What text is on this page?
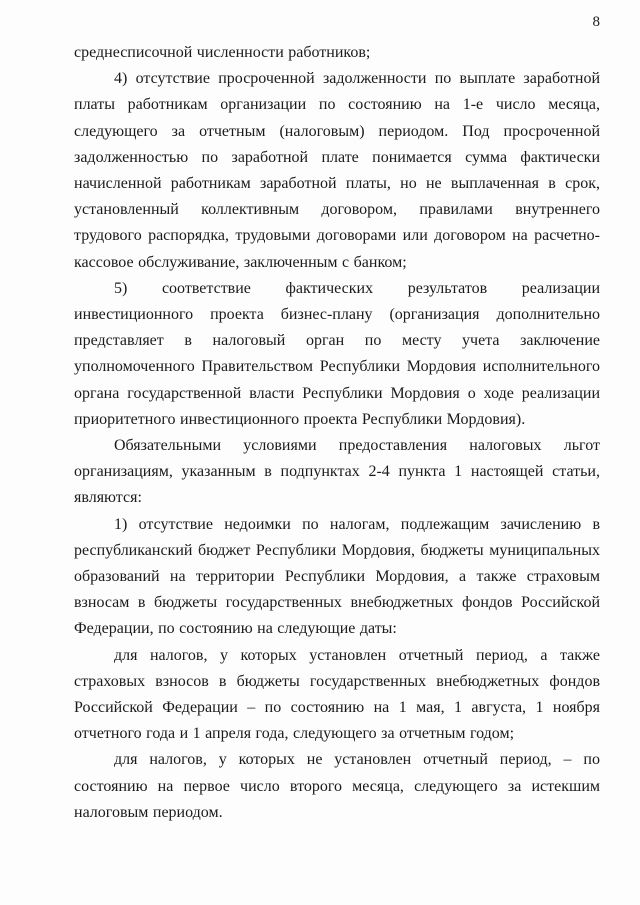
8

среднесписочной численности работников;

4) отсутствие просроченной задолженности по выплате заработной платы работникам организации по состоянию на 1-е число месяца, следующего за отчетным (налоговым) периодом. Под просроченной задолженностью по заработной плате понимается сумма фактически начисленной работникам заработной платы, но не выплаченная в срок, установленный коллективным договором, правилами внутреннего трудового распорядка, трудовыми договорами или договором на расчетно-кассовое обслуживание, заключенным с банком;

5) соответствие фактических результатов реализации инвестиционного проекта бизнес-плану (организация дополнительно представляет в налоговый орган по месту учета заключение уполномоченного Правительством Республики Мордовия исполнительного органа государственной власти Республики Мордовия о ходе реализации приоритетного инвестиционного проекта Республики Мордовия).

Обязательными условиями предоставления налоговых льгот организациям, указанным в подпунктах 2-4 пункта 1 настоящей статьи, являются:

1) отсутствие недоимки по налогам, подлежащим зачислению в республиканский бюджет Республики Мордовия, бюджеты муниципальных образований на территории Республики Мордовия, а также страховым взносам в бюджеты государственных внебюджетных фондов Российской Федерации, по состоянию на следующие даты:

для налогов, у которых установлен отчетный период, а также страховых взносов в бюджеты государственных внебюджетных фондов Российской Федерации – по состоянию на 1 мая, 1 августа, 1 ноября отчетного года и 1 апреля года, следующего за отчетным годом;

для налогов, у которых не установлен отчетный период, – по состоянию на первое число второго месяца, следующего за истекшим налоговым периодом.
